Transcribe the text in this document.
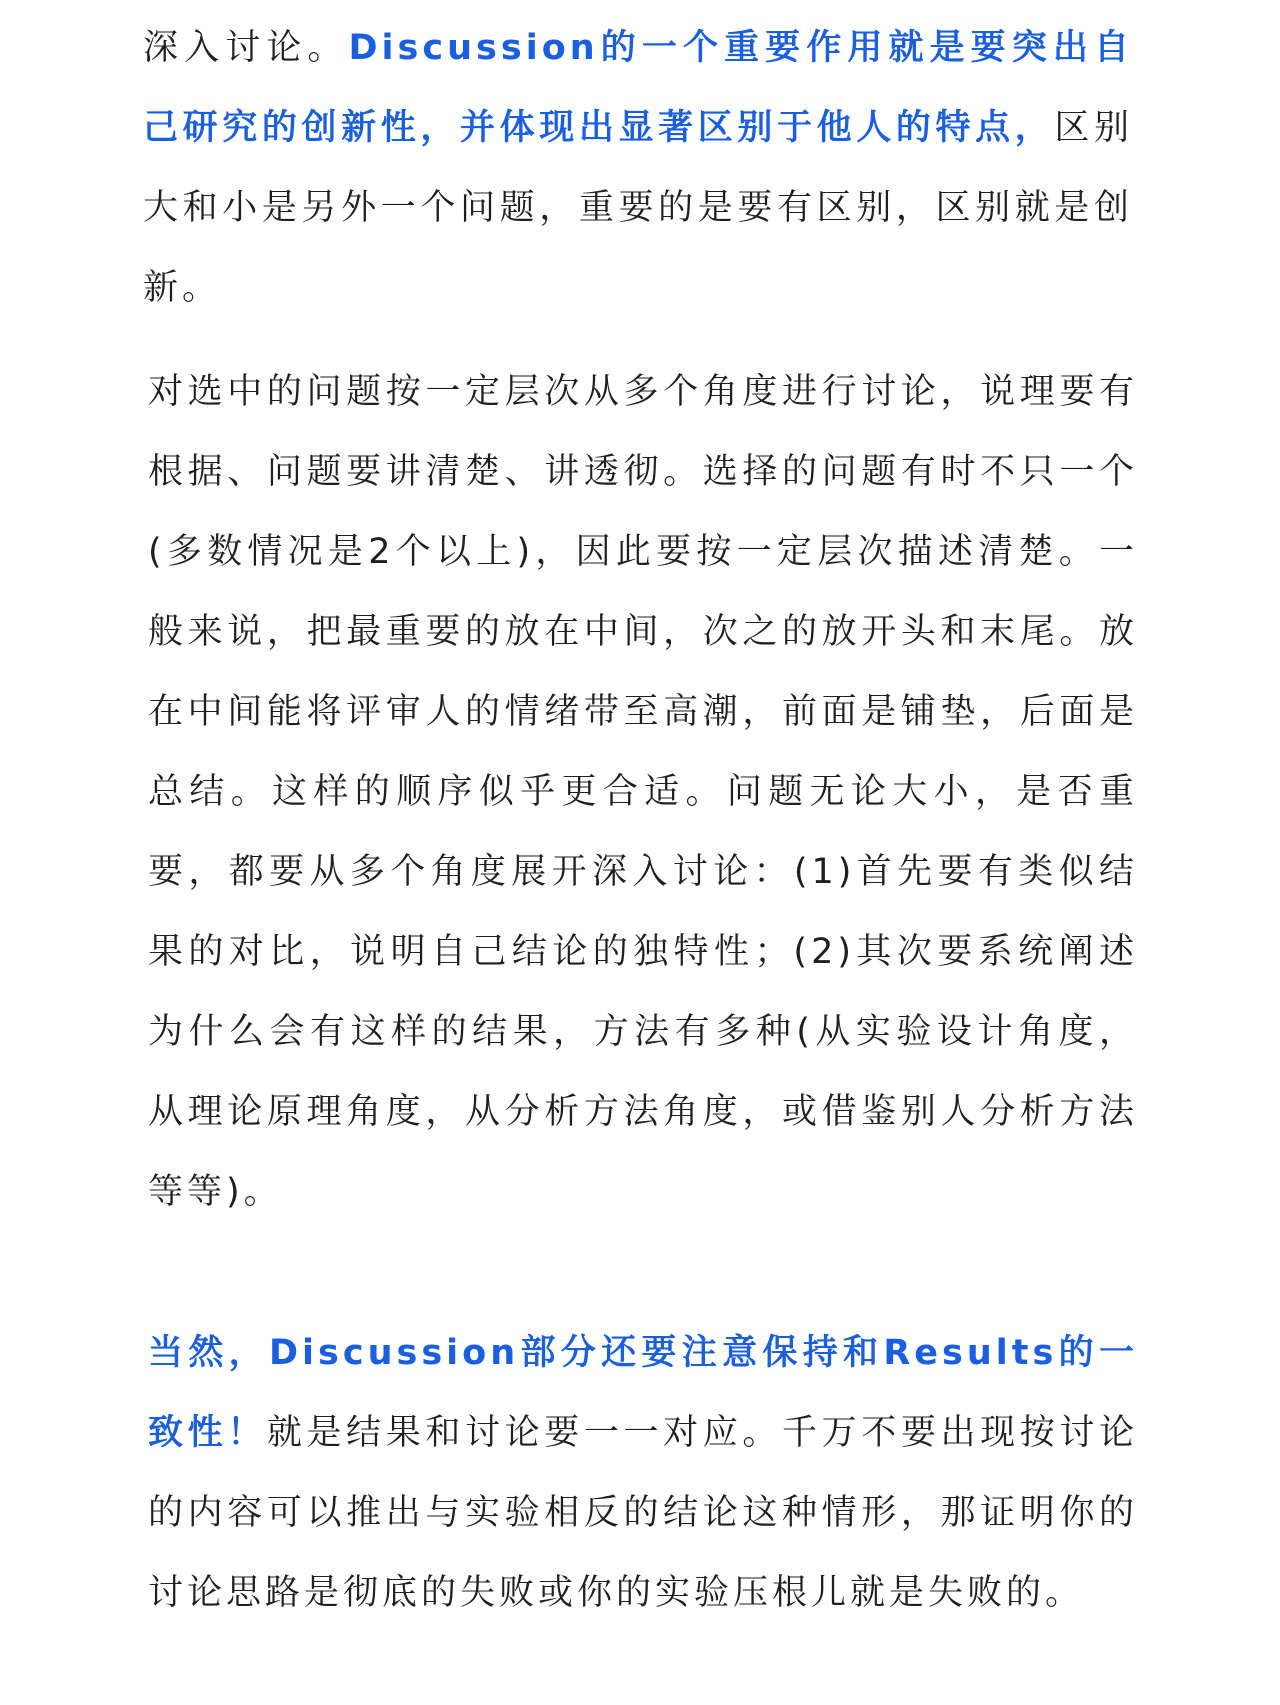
深入讨论。Discussion的一个重要作用就是要突出自己研究的创新性，并体现出显著区别于他人的特点，区别大和小是另外一个问题，重要的是要有区别，区别就是创新。

对选中的问题按一定层次从多个角度进行讨论，说理要有根据、问题要讲清楚、讲透彻。选择的问题有时不只一个(多数情况是2个以上)，因此要按一定层次描述清楚。一般来说，把最重要的放在中间，次之的放开头和末尾。放在中间能将评审人的情绪带至高潮，前面是铺垫，后面是总结。这样的顺序似乎更合适。问题无论大小，是否重要，都要从多个角度展开深入讨论：(1)首先要有类似结果的对比，说明自己结论的独特性；(2)其次要系统阐述为什么会有这样的结果，方法有多种(从实验设计角度，从理论原理角度，从分析方法角度，或借鉴别人分析方法等等)。

当然，Discussion部分还要注意保持和Results的一致性！就是结果和讨论要一一对应。千万不要出现按讨论的内容可以推出与实验相反的结论这种情形，那证明你的讨论思路是彻底的失败或你的实验压根儿就是失败的。
